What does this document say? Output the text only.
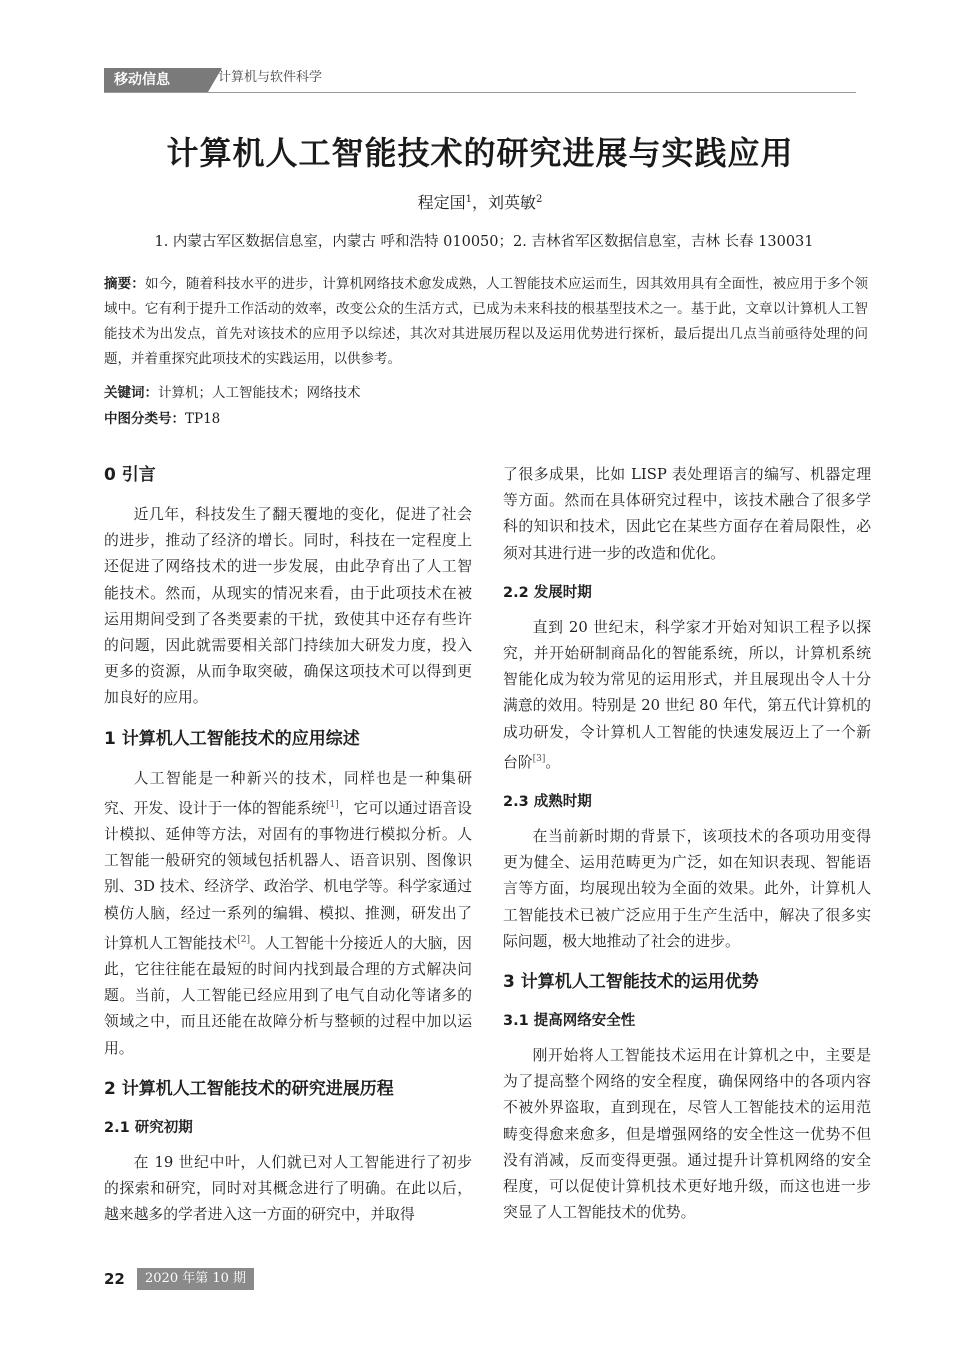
移动信息	计算机与软件科学
计算机人工智能技术的研究进展与实践应用
程定国$^1$，刘英敏$^2$
1. 内蒙古军区数据信息室，内蒙古 呼和浩特 010050；2. 吉林省军区数据信息室，吉林 长春 130031
摘要：如今，随着科技水平的进步，计算机网络技术愈发成熟，人工智能技术应运而生，因其效用具有全面性，被应用于多个领域中。它有利于提升工作活动的效率，改变公众的生活方式，已成为未来科技的根基型技术之一。基于此，文章以计算机人工智能技术为出发点，首先对该技术的应用予以综述，其次对其进展历程以及运用优势进行探析，最后提出几点当前亟待处理的问题，并着重探究此项技术的实践运用，以供参考。
关键词：计算机；人工智能技术；网络技术
中图分类号：TP18
0 引言

近几年，科技发生了翻天覆地的变化，促进了社会的进步，推动了经济的增长。同时，科技在一定程度上还促进了网络技术的进一步发展，由此孕育出了人工智能技术。然而，从现实的情况来看，由于此项技术在被运用期间受到了各类要素的干扰，致使其中还存有些许的问题，因此就需要相关部门持续加大研发力度，投入更多的资源，从而争取突破，确保这项技术可以得到更加良好的应用。

1 计算机人工智能技术的应用综述

人工智能是一种新兴的技术，同样也是一种集研究、开发、设计于一体的智能系统[1]，它可以通过语音设计模拟、延伸等方法，对固有的事物进行模拟分析。人工智能一般研究的领域包括机器人、语音识别、图像识别、3D 技术、经济学、政治学、机电学等。科学家通过模仿人脑，经过一系列的编辑、模拟、推测，研发出了计算机人工智能技术[2]。人工智能十分接近人的大脑，因此，它往往能在最短的时间内找到最合理的方式解决问题。当前，人工智能已经应用到了电气自动化等诸多的领域之中，而且还能在故障分析与整顿的过程中加以运用。

2 计算机人工智能技术的研究进展历程
2.1 研究初期

在 19 世纪中叶，人们就已对人工智能进行了初步的探索和研究，同时对其概念进行了明确。在此以后，越来越多的学者进入这一方面的研究中，并取得

了很多成果，比如 LISP 表处理语言的编写、机器定理等方面。然而在具体研究过程中，该技术融合了很多学科的知识和技术，因此它在某些方面存在着局限性，必须对其进行进一步的改造和优化。

2.2 发展时期

直到 20 世纪末，科学家才开始对知识工程予以探究，并开始研制商品化的智能系统，所以，计算机系统智能化成为较为常见的运用形式，并且展现出令人十分满意的效用。特别是 20 世纪 80 年代，第五代计算机的成功研发，令计算机人工智能的快速发展迈上了一个新台阶[3]。

2.3 成熟时期

在当前新时期的背景下，该项技术的各项功用变得更为健全、运用范畴更为广泛，如在知识表现、智能语言等方面，均展现出较为全面的效果。此外，计算机人工智能技术已被广泛应用于生产生活中，解决了很多实际问题，极大地推动了社会的进步。

3 计算机人工智能技术的运用优势
3.1 提高网络安全性

刚开始将人工智能技术运用在计算机之中，主要是为了提高整个网络的安全程度，确保网络中的各项内容不被外界盗取，直到现在，尽管人工智能技术的运用范畴变得愈来愈多，但是增强网络的安全性这一优势不但没有消减，反而变得更强。通过提升计算机网络的安全程度，可以促使计算机技术更好地升级，而这也进一步突显了人工智能技术的优势。

22	2020 年第 10 期
